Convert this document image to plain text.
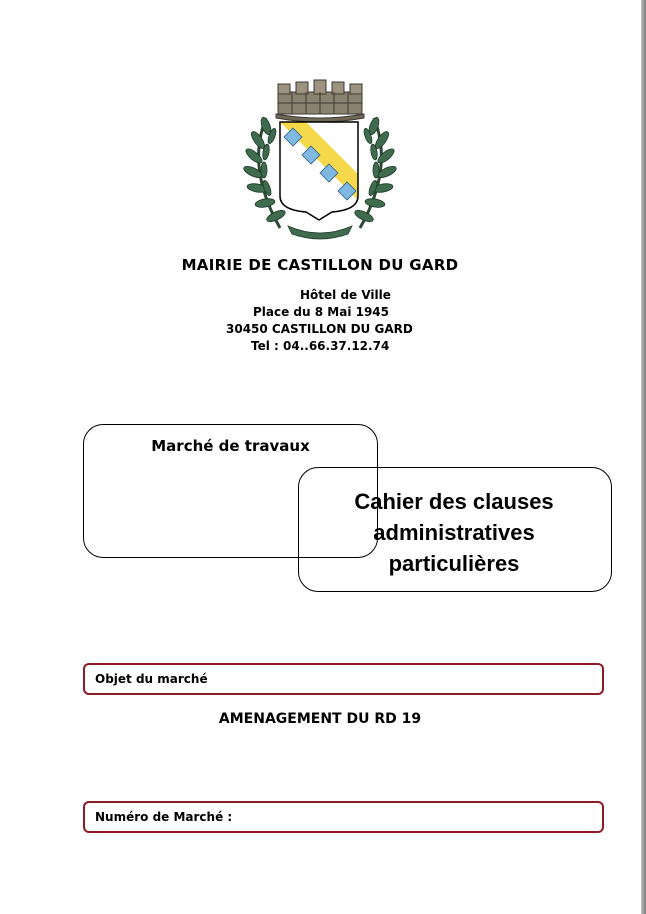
MAIRIE DE CASTILLON DU GARD
Hôtel de Ville
Place du 8 Mai 1945
30450 CASTILLON DU GARD
Tel : 04..66.37.12.74
Marché de travaux
Cahier des clauses
administratives
particulières
Objet du marché
AMENAGEMENT DU RD 19
Numéro de Marché :
